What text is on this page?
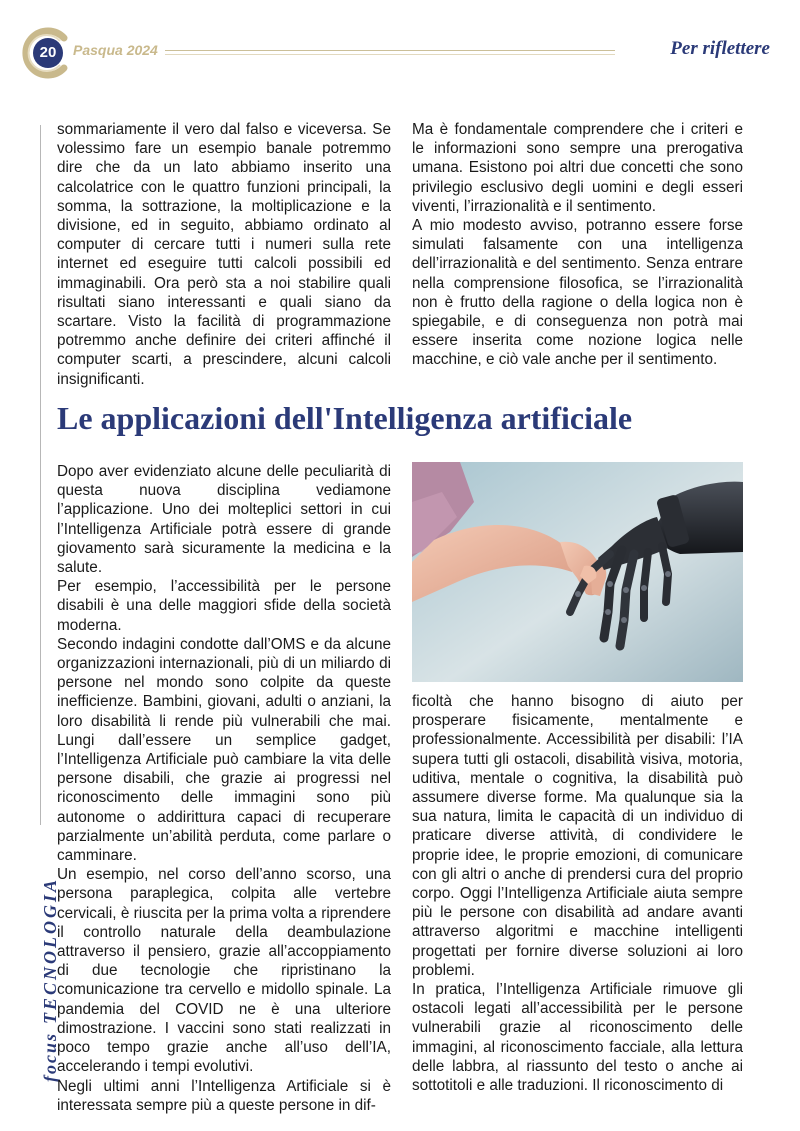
20	Pasqua 2024	Per riflettere
focusTECNOLOGIA

sommariamente il vero dal falso e viceversa. Se volessimo fare un esempio banale potremmo dire che da un lato abbiamo inserito una calcolatrice con le quattro funzioni principali, la somma, la sottrazione, la moltiplicazione e la divisione, ed in seguito, abbiamo ordinato al computer di cercare tutti i numeri sulla rete internet ed eseguire tutti calcoli possibili ed immaginabili. Ora però sta a noi stabilire quali risultati siano interessanti e quali siano da scartare. Visto la facilità di programmazione potremmo anche definire dei criteri affinché il computer scarti, a prescindere, alcuni calcoli insignificanti.

Ma è fondamentale comprendere che i criteri e le informazioni sono sempre una prerogativa umana. Esistono poi altri due concetti che sono privilegio esclusivo degli uomini e degli esseri viventi, l’irrazionalità e il sentimento.

A mio modesto avviso, potranno essere forse simulati falsamente con una intelligenza dell’irrazionalità e del sentimento. Senza entrare nella comprensione filosofica, se l’irrazionalità non è frutto della ragione o della logica non è spiegabile, e di conseguenza non potrà mai essere inserita come nozione logica nelle macchine, e ciò vale anche per il sentimento.

Le applicazioni dell'Intelligenza artificiale

Dopo aver evidenziato alcune delle peculiarità di questa nuova disciplina vediamone l’applicazione. Uno dei molteplici settori in cui l’Intelligenza Artificiale potrà essere di grande giovamento sarà sicuramente la medicina e la salute.

Per esempio, l’accessibilità per le persone disabili è una delle maggiori sfide della società moderna.

Secondo indagini condotte dall’OMS e da alcune organizzazioni internazionali, più di un miliardo di persone nel mondo sono colpite da queste inefficienze. Bambini, giovani, adulti o anziani, la loro disabilità li rende più vulnerabili che mai. Lungi dall’essere un semplice gadget, l’Intelligenza Artificiale può cambiare la vita delle persone disabili, che grazie ai progressi nel riconoscimento delle immagini sono più autonome o addirittura capaci di recuperare parzialmente un’abilità perduta, come parlare o camminare.

Un esempio, nel corso dell’anno scorso, una persona paraplegica, colpita alle vertebre cervicali, è riuscita per la prima volta a riprendere il controllo naturale della deambulazione attraverso il pensiero, grazie all’accoppiamento di due tecnologie che ripristinano la comunicazione tra cervello e midollo spinale. La pandemia del COVID ne è una ulteriore dimostrazione. I vaccini sono stati realizzati in poco tempo grazie anche all’uso dell’IA, accelerando i tempi evolutivi.

Negli ultimi anni l’Intelligenza Artificiale si è interessata sempre più a queste persone in dif-

ficoltà che hanno bisogno di aiuto per prosperare fisicamente, mentalmente e professionalmente. Accessibilità per disabili: l’IA supera tutti gli ostacoli, disabilità visiva, motoria, uditiva, mentale o cognitiva, la disabilità può assumere diverse forme. Ma qualunque sia la sua natura, limita le capacità di un individuo di praticare diverse attività, di condividere le proprie idee, le proprie emozioni, di comunicare con gli altri o anche di prendersi cura del proprio corpo. Oggi l’Intelligenza Artificiale aiuta sempre più le persone con disabilità ad andare avanti attraverso algoritmi e macchine intelligenti progettati per fornire diverse soluzioni ai loro problemi.

In pratica, l’Intelligenza Artificiale rimuove gli ostacoli legati all’accessibilità per le persone vulnerabili grazie al riconoscimento delle immagini, al riconoscimento facciale, alla lettura delle labbra, al riassunto del testo o anche ai sottotitoli e alle traduzioni. Il riconoscimento di
